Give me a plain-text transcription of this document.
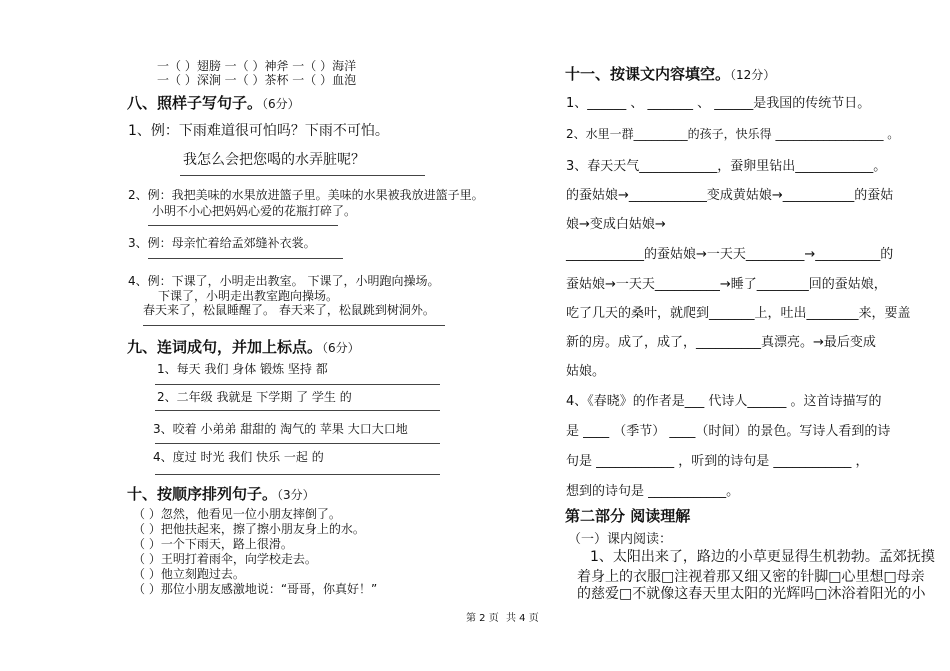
一（ ）翅膀 一（ ）神斧 一（ ）海洋
一（ ）深涧 一（ ）茶杯 一（ ）血泡
八、照样子写句子。（6分）
1、例：下雨难道很可怕吗？下雨不可怕。
我怎么会把您喝的水弄脏呢？
2、例：我把美味的水果放进篮子里。美味的水果被我放进篮子里。
小明不小心把妈妈心爱的花瓶打碎了。
3、例：母亲忙着给孟郊缝补衣裳。
4、例：下课了，小明走出教室。 下课了，小明跑向操场。
下课了，小明走出教室跑向操场。
春天来了，松鼠睡醒了。 春天来了，松鼠跳到树洞外。
九、连词成句，并加上标点。（6分）
1、每天 我们 身体 锻炼 坚持 都
2、二年级 我就是 下学期 了 学生 的
3、咬着 小弟弟 甜甜的 淘气的 苹果 大口大口地
4、度过 时光 我们 快乐 一起 的
十、按顺序排列句子。（3分）
（ ）忽然，他看见一位小朋友摔倒了。
（ ）把他扶起来，擦了擦小朋友身上的水。
（ ）一个下雨天，路上很滑。
（ ）王明打着雨伞，向学校走去。
（ ）他立刻跑过去。
（ ）那位小朋友感激地说：“哥哥，你真好！”
第 2 页 共 4 页
十一、按课文内容填空。（12分）
1、______ 、 _______ 、 ______是我国的传统节日。
2、水里一群_________的孩子，快乐得 __________________ 。
3、春天天气____________，蚕卵里钻出____________。
的蚕姑娘→____________变成黄姑娘→___________的蚕姑
娘→变成白姑娘→
____________的蚕姑娘→一天天_________→__________的
蚕姑娘→一天天__________→睡了________回的蚕姑娘，
吃了几天的桑叶，就爬到_______上，吐出________来，要盖
新的房。成了，成了，__________真漂亮。→最后变成
姑娘。
4、《春晓》的作者是___ 代诗人______ 。这首诗描写的
是 ____ （季节） ____（时间）的景色。写诗人看到的诗
句是 ____________ ，听到的诗句是 ____________ ，
想到的诗句是 ____________。
第二部分 阅读理解
（一）课内阅读：
1、太阳出来了，路边的小草更显得生机勃勃。孟郊抚摸
着身上的衣服□注视着那又细又密的针脚□心里想□母亲
的慈爱□不就像这春天里太阳的光辉吗□沐浴着阳光的小
